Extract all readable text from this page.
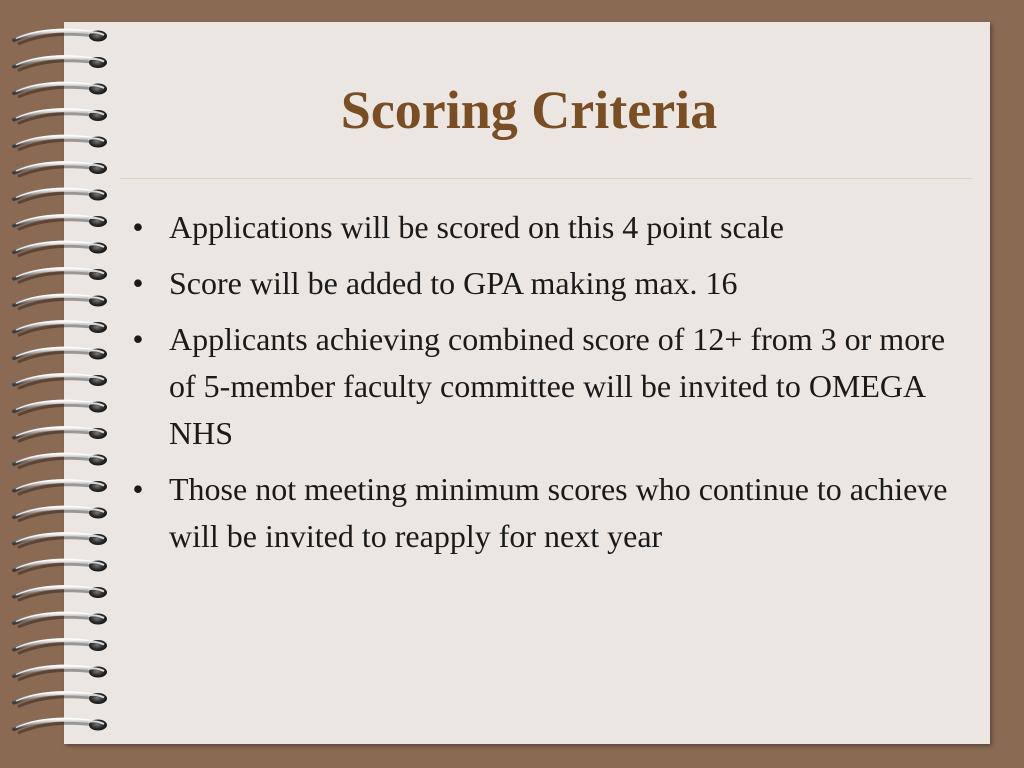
Scoring Criteria
• Applications will be scored on this 4 point scale
• Score will be added to GPA making max. 16
• Applicants achieving combined score of 12+ from 3 or more of 5-member faculty committee will be invited to OMEGA NHS
• Those not meeting minimum scores who continue to achieve will be invited to reapply for next year
